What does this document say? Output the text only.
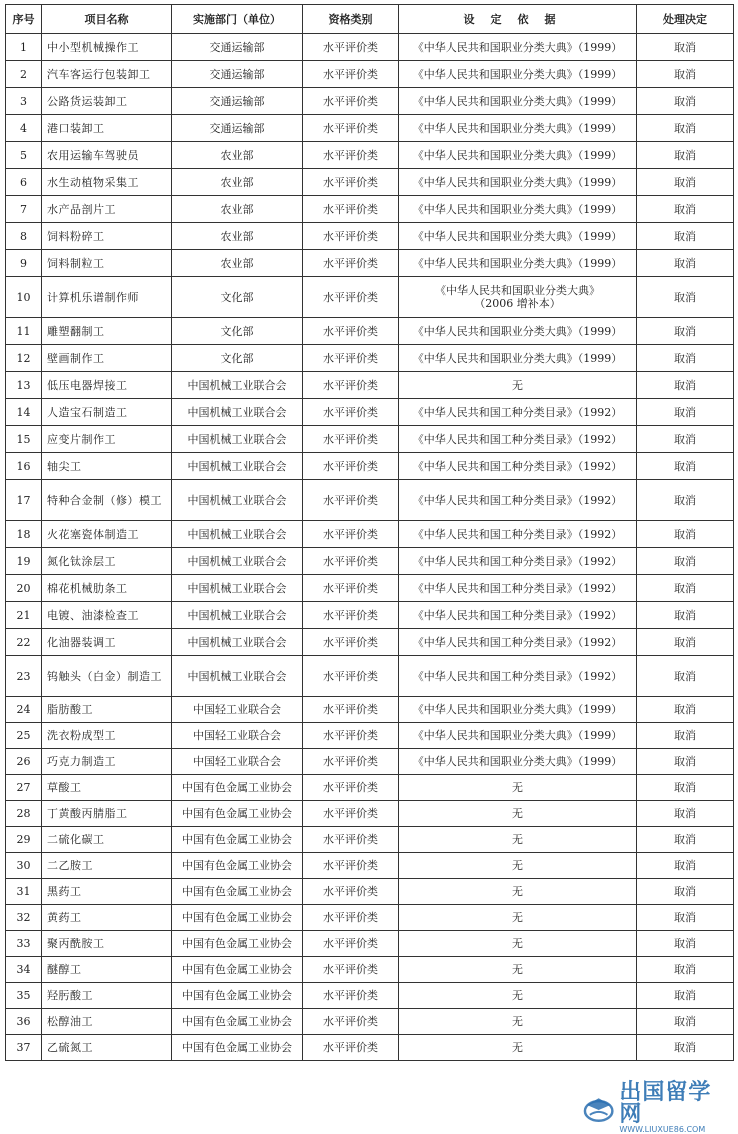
序号	项目名称	实施部门（单位）	资格类别	设定依据	处理决定
1	中小型机械操作工	交通运输部	水平评价类	《中华人民共和国职业分类大典》（1999）	取消
2	汽车客运行包装卸工	交通运输部	水平评价类	《中华人民共和国职业分类大典》（1999）	取消
3	公路货运装卸工	交通运输部	水平评价类	《中华人民共和国职业分类大典》（1999）	取消
4	港口装卸工	交通运输部	水平评价类	《中华人民共和国职业分类大典》（1999）	取消
5	农用运输车驾驶员	农业部	水平评价类	《中华人民共和国职业分类大典》（1999）	取消
6	水生动植物采集工	农业部	水平评价类	《中华人民共和国职业分类大典》（1999）	取消
7	水产品剖片工	农业部	水平评价类	《中华人民共和国职业分类大典》（1999）	取消
8	饲料粉碎工	农业部	水平评价类	《中华人民共和国职业分类大典》（1999）	取消
9	饲料制粒工	农业部	水平评价类	《中华人民共和国职业分类大典》（1999）	取消
10	计算机乐谱制作师	文化部	水平评价类	《中华人民共和国职业分类大典》
（2006 增补本）	取消
11	雕塑翻制工	文化部	水平评价类	《中华人民共和国职业分类大典》（1999）	取消
12	壁画制作工	文化部	水平评价类	《中华人民共和国职业分类大典》（1999）	取消
13	低压电器焊接工	中国机械工业联合会	水平评价类	无	取消
14	人造宝石制造工	中国机械工业联合会	水平评价类	《中华人民共和国工种分类目录》（1992）	取消
15	应变片制作工	中国机械工业联合会	水平评价类	《中华人民共和国工种分类目录》（1992）	取消
16	轴尖工	中国机械工业联合会	水平评价类	《中华人民共和国工种分类目录》（1992）	取消
17	特种合金制（修）模工	中国机械工业联合会	水平评价类	《中华人民共和国工种分类目录》（1992）	取消
18	火花塞瓷体制造工	中国机械工业联合会	水平评价类	《中华人民共和国工种分类目录》（1992）	取消
19	氮化钛涂层工	中国机械工业联合会	水平评价类	《中华人民共和国工种分类目录》（1992）	取消
20	棉花机械肋条工	中国机械工业联合会	水平评价类	《中华人民共和国工种分类目录》（1992）	取消
21	电镀、油漆检查工	中国机械工业联合会	水平评价类	《中华人民共和国工种分类目录》（1992）	取消
22	化油器装调工	中国机械工业联合会	水平评价类	《中华人民共和国工种分类目录》（1992）	取消
23	钨触头（白金）制造工	中国机械工业联合会	水平评价类	《中华人民共和国工种分类目录》（1992）	取消
24	脂肪酸工	中国轻工业联合会	水平评价类	《中华人民共和国职业分类大典》（1999）	取消
25	洗衣粉成型工	中国轻工业联合会	水平评价类	《中华人民共和国职业分类大典》（1999）	取消
26	巧克力制造工	中国轻工业联合会	水平评价类	《中华人民共和国职业分类大典》（1999）	取消
27	草酸工	中国有色金属工业协会	水平评价类	无	取消
28	丁黄酸丙腈脂工	中国有色金属工业协会	水平评价类	无	取消
29	二硫化碳工	中国有色金属工业协会	水平评价类	无	取消
30	二乙胺工	中国有色金属工业协会	水平评价类	无	取消
31	黑药工	中国有色金属工业协会	水平评价类	无	取消
32	黄药工	中国有色金属工业协会	水平评价类	无	取消
33	聚丙酰胺工	中国有色金属工业协会	水平评价类	无	取消
34	醚醇工	中国有色金属工业协会	水平评价类	无	取消
35	羟肟酸工	中国有色金属工业协会	水平评价类	无	取消
36	松醇油工	中国有色金属工业协会	水平评价类	无	取消
37	乙硫氮工	中国有色金属工业协会	水平评价类	无	取消
出国留学网
WWW.LIUXUE86.COM
